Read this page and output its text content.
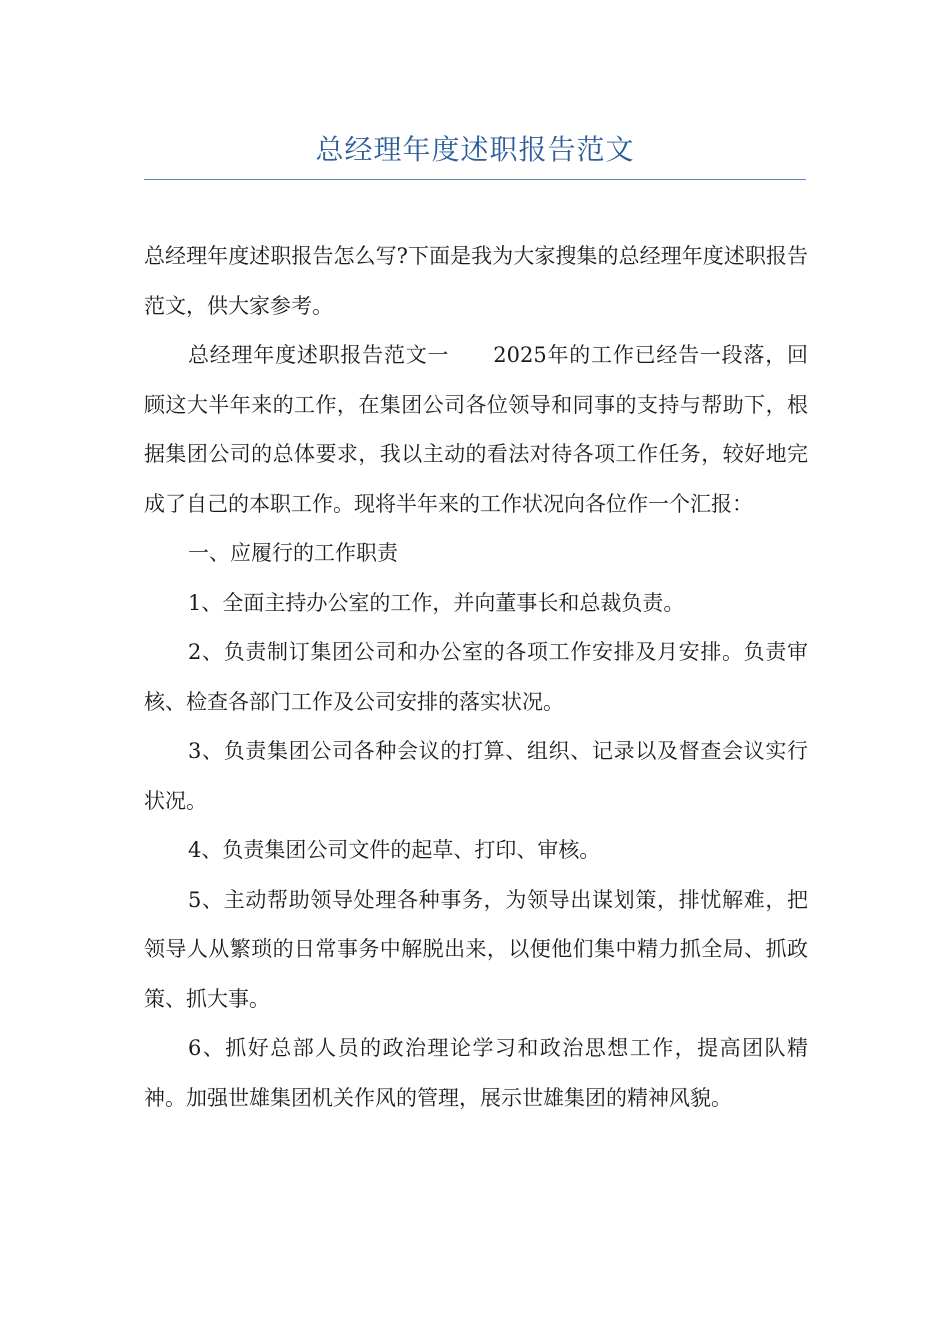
总经理年度述职报告范文

总经理年度述职报告怎么写?下面是我为大家搜集的总经理年度述职报告范文，供大家参考。

总经理年度述职报告范文一 2025年的工作已经告一段落，回顾这大半年来的工作，在集团公司各位领导和同事的支持与帮助下，根据集团公司的总体要求，我以主动的看法对待各项工作任务，较好地完成了自己的本职工作。现将半年来的工作状况向各位作一个汇报：

一、应履行的工作职责

1、全面主持办公室的工作，并向董事长和总裁负责。

2、负责制订集团公司和办公室的各项工作安排及月安排。负责审核、检查各部门工作及公司安排的落实状况。

3、负责集团公司各种会议的打算、组织、记录以及督查会议实行状况。

4、负责集团公司文件的起草、打印、审核。

5、主动帮助领导处理各种事务，为领导出谋划策，排忧解难，把领导人从繁琐的日常事务中解脱出来，以便他们集中精力抓全局、抓政策、抓大事。

6、抓好总部人员的政治理论学习和政治思想工作，提高团队精神。加强世雄集团机关作风的管理，展示世雄集团的精神风貌。
